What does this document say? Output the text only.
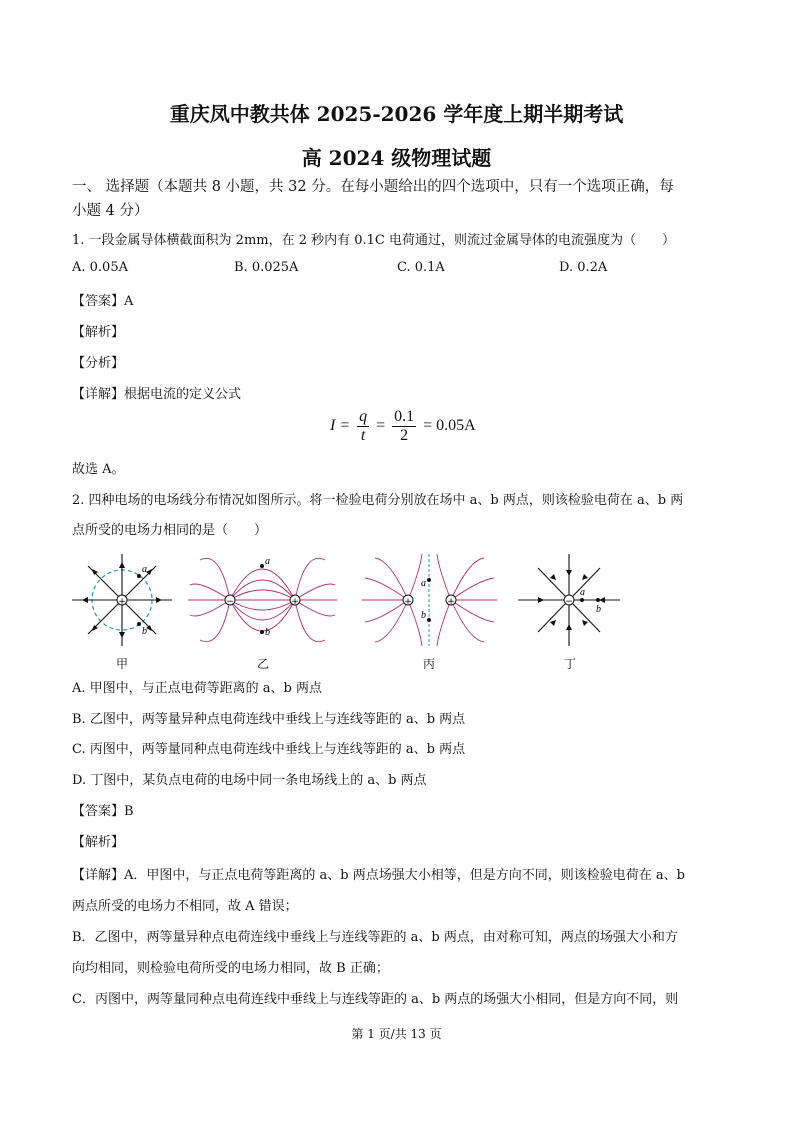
重庆凤中教共体 2025-2026 学年度上期半期考试
高 2024 级物理试题
一、 选择题（本题共 8 小题，共 32 分。在每小题给出的四个选项中，只有一个选项正确，每
小题 4 分）
1. 一段金属导体横截面积为 2mm，在 2 秒内有 0.1C 电荷通过，则流过金属导体的电流强度为（　　）
A. 0.05A	B. 0.025A	C. 0.1A	D. 0.2A
【答案】A
【解析】
【分析】
【详解】根据电流的定义公式
$I = \frac{q}{t} = \frac{0.1}{2} = 0.05A$
故选 A。
2. 四种电场的电场线分布情况如图所示。将一检验电荷分别放在场中 a、b 两点，则该检验电荷在 a、b 两
点所受的电场力相同的是（　　）
+
a
b
−	+
a
b
+	+
a
b
−
a
b
甲	乙	丙	丁
A. 甲图中，与正点电荷等距离的 a、b 两点
B. 乙图中，两等量异种点电荷连线中垂线上与连线等距的 a、b 两点
C. 丙图中，两等量同种点电荷连线中垂线上与连线等距的 a、b 两点
D. 丁图中，某负点电荷的电场中同一条电场线上的 a、b 两点
【答案】B
【解析】
【详解】A．甲图中，与正点电荷等距离的 a、b 两点场强大小相等，但是方向不同，则该检验电荷在 a、b
两点所受的电场力不相同，故 A 错误；
B．乙图中，两等量异种点电荷连线中垂线上与连线等距的 a、b 两点，由对称可知，两点的场强大小和方
向均相同，则检验电荷所受的电场力相同，故 B 正确；
C．丙图中，两等量同种点电荷连线中垂线上与连线等距的 a、b 两点的场强大小相同，但是方向不同，则
第 1 页/共 13 页
